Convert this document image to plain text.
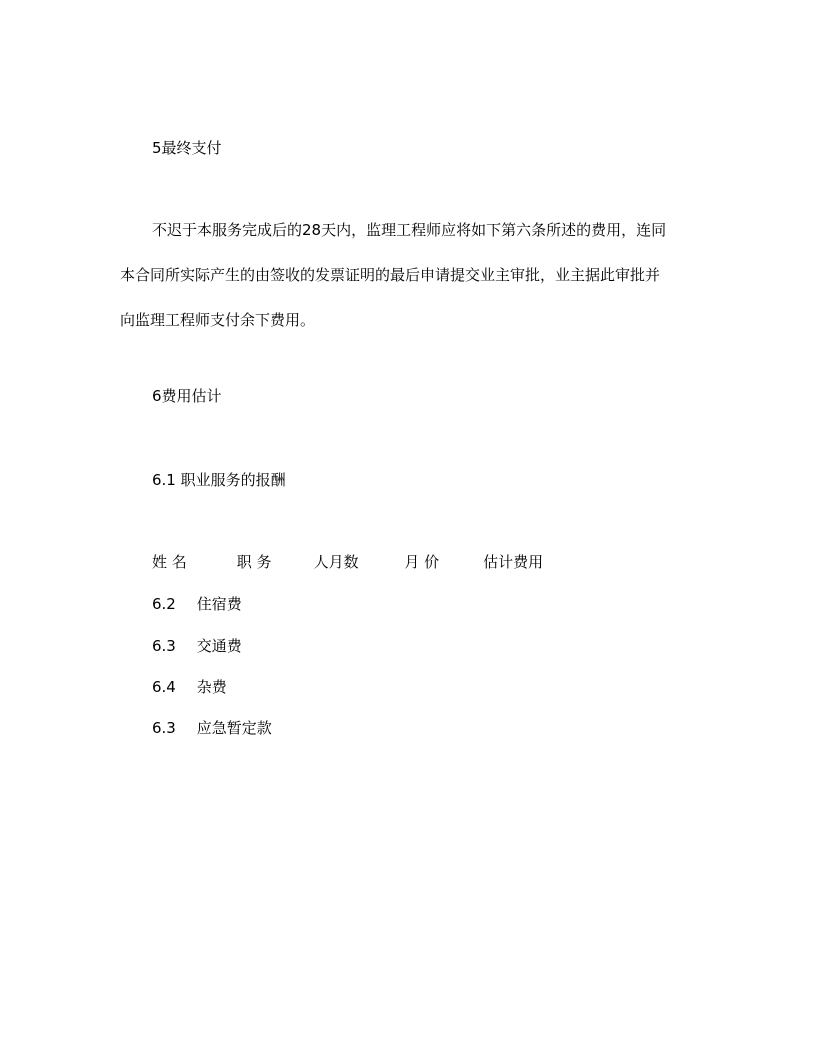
5最终支付
不迟于本服务完成后的28天内，监理工程师应将如下第六条所述的费用，连同
本合同所实际产生的由签收的发票证明的最后申请提交业主审批，业主据此审批并
向监理工程师支付余下费用。
6费用估计
6.1 职业服务的报酬
姓 名	职 务	人月数	月 价	估计费用
6.2 住宿费
6.3 交通费
6.4 杂费
6.3 应急暂定款
